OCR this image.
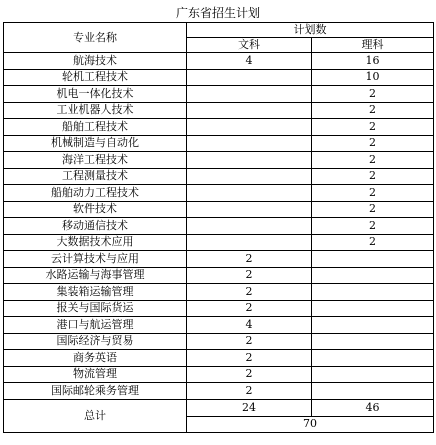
广东省招生计划
专业名称	计划数	
	文科	理科
航海技术	4	16
轮机工程技术		10
机电一体化技术		2
工业机器人技术		2
船舶工程技术		2
机械制造与自动化		2
海洋工程技术		2
工程测量技术		2
船舶动力工程技术		2
软件技术		2
移动通信技术		2
大数据技术应用		2
云计算技术与应用	2	
水路运输与海事管理	2	
集装箱运输管理	2	
报关与国际货运	2	
港口与航运管理	4	
国际经济与贸易	2	
商务英语	2	
物流管理	2	
国际邮轮乘务管理	2	
总计	24	46
	70	
